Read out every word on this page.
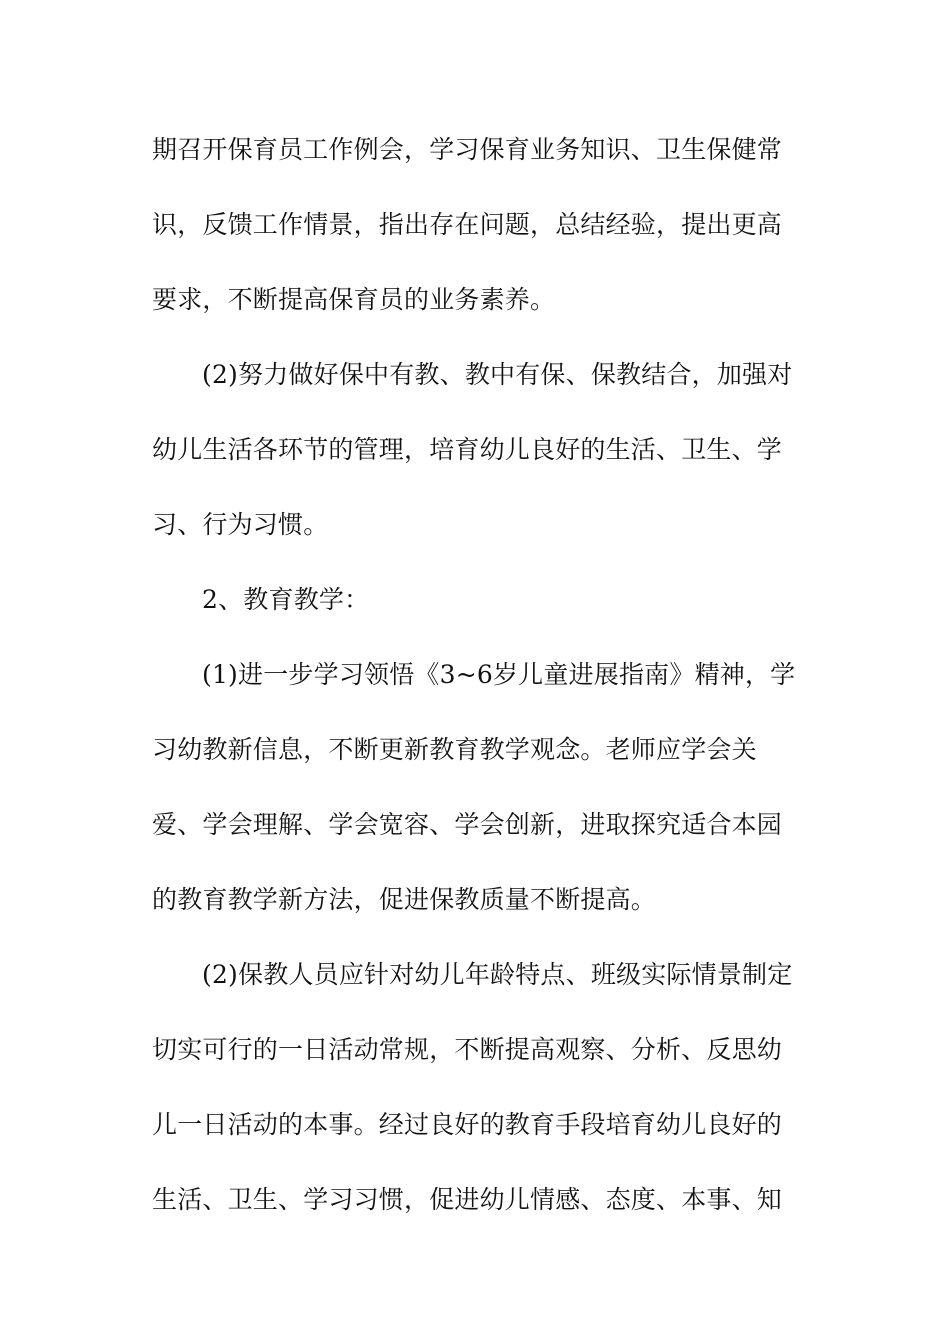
期召开保育员工作例会，学习保育业务知识、卫生保健常
识，反馈工作情景，指出存在问题，总结经验，提出更高
要求，不断提高保育员的业务素养。
(2)努力做好保中有教、教中有保、保教结合，加强对
幼儿生活各环节的管理，培育幼儿良好的生活、卫生、学
习、行为习惯。
2、教育教学：
(1)进一步学习领悟《3~6岁儿童进展指南》精神，学
习幼教新信息，不断更新教育教学观念。老师应学会关
爱、学会理解、学会宽容、学会创新，进取探究适合本园
的教育教学新方法，促进保教质量不断提高。
(2)保教人员应针对幼儿年龄特点、班级实际情景制定
切实可行的一日活动常规，不断提高观察、分析、反思幼
儿一日活动的本事。经过良好的教育手段培育幼儿良好的
生活、卫生、学习习惯，促进幼儿情感、态度、本事、知
